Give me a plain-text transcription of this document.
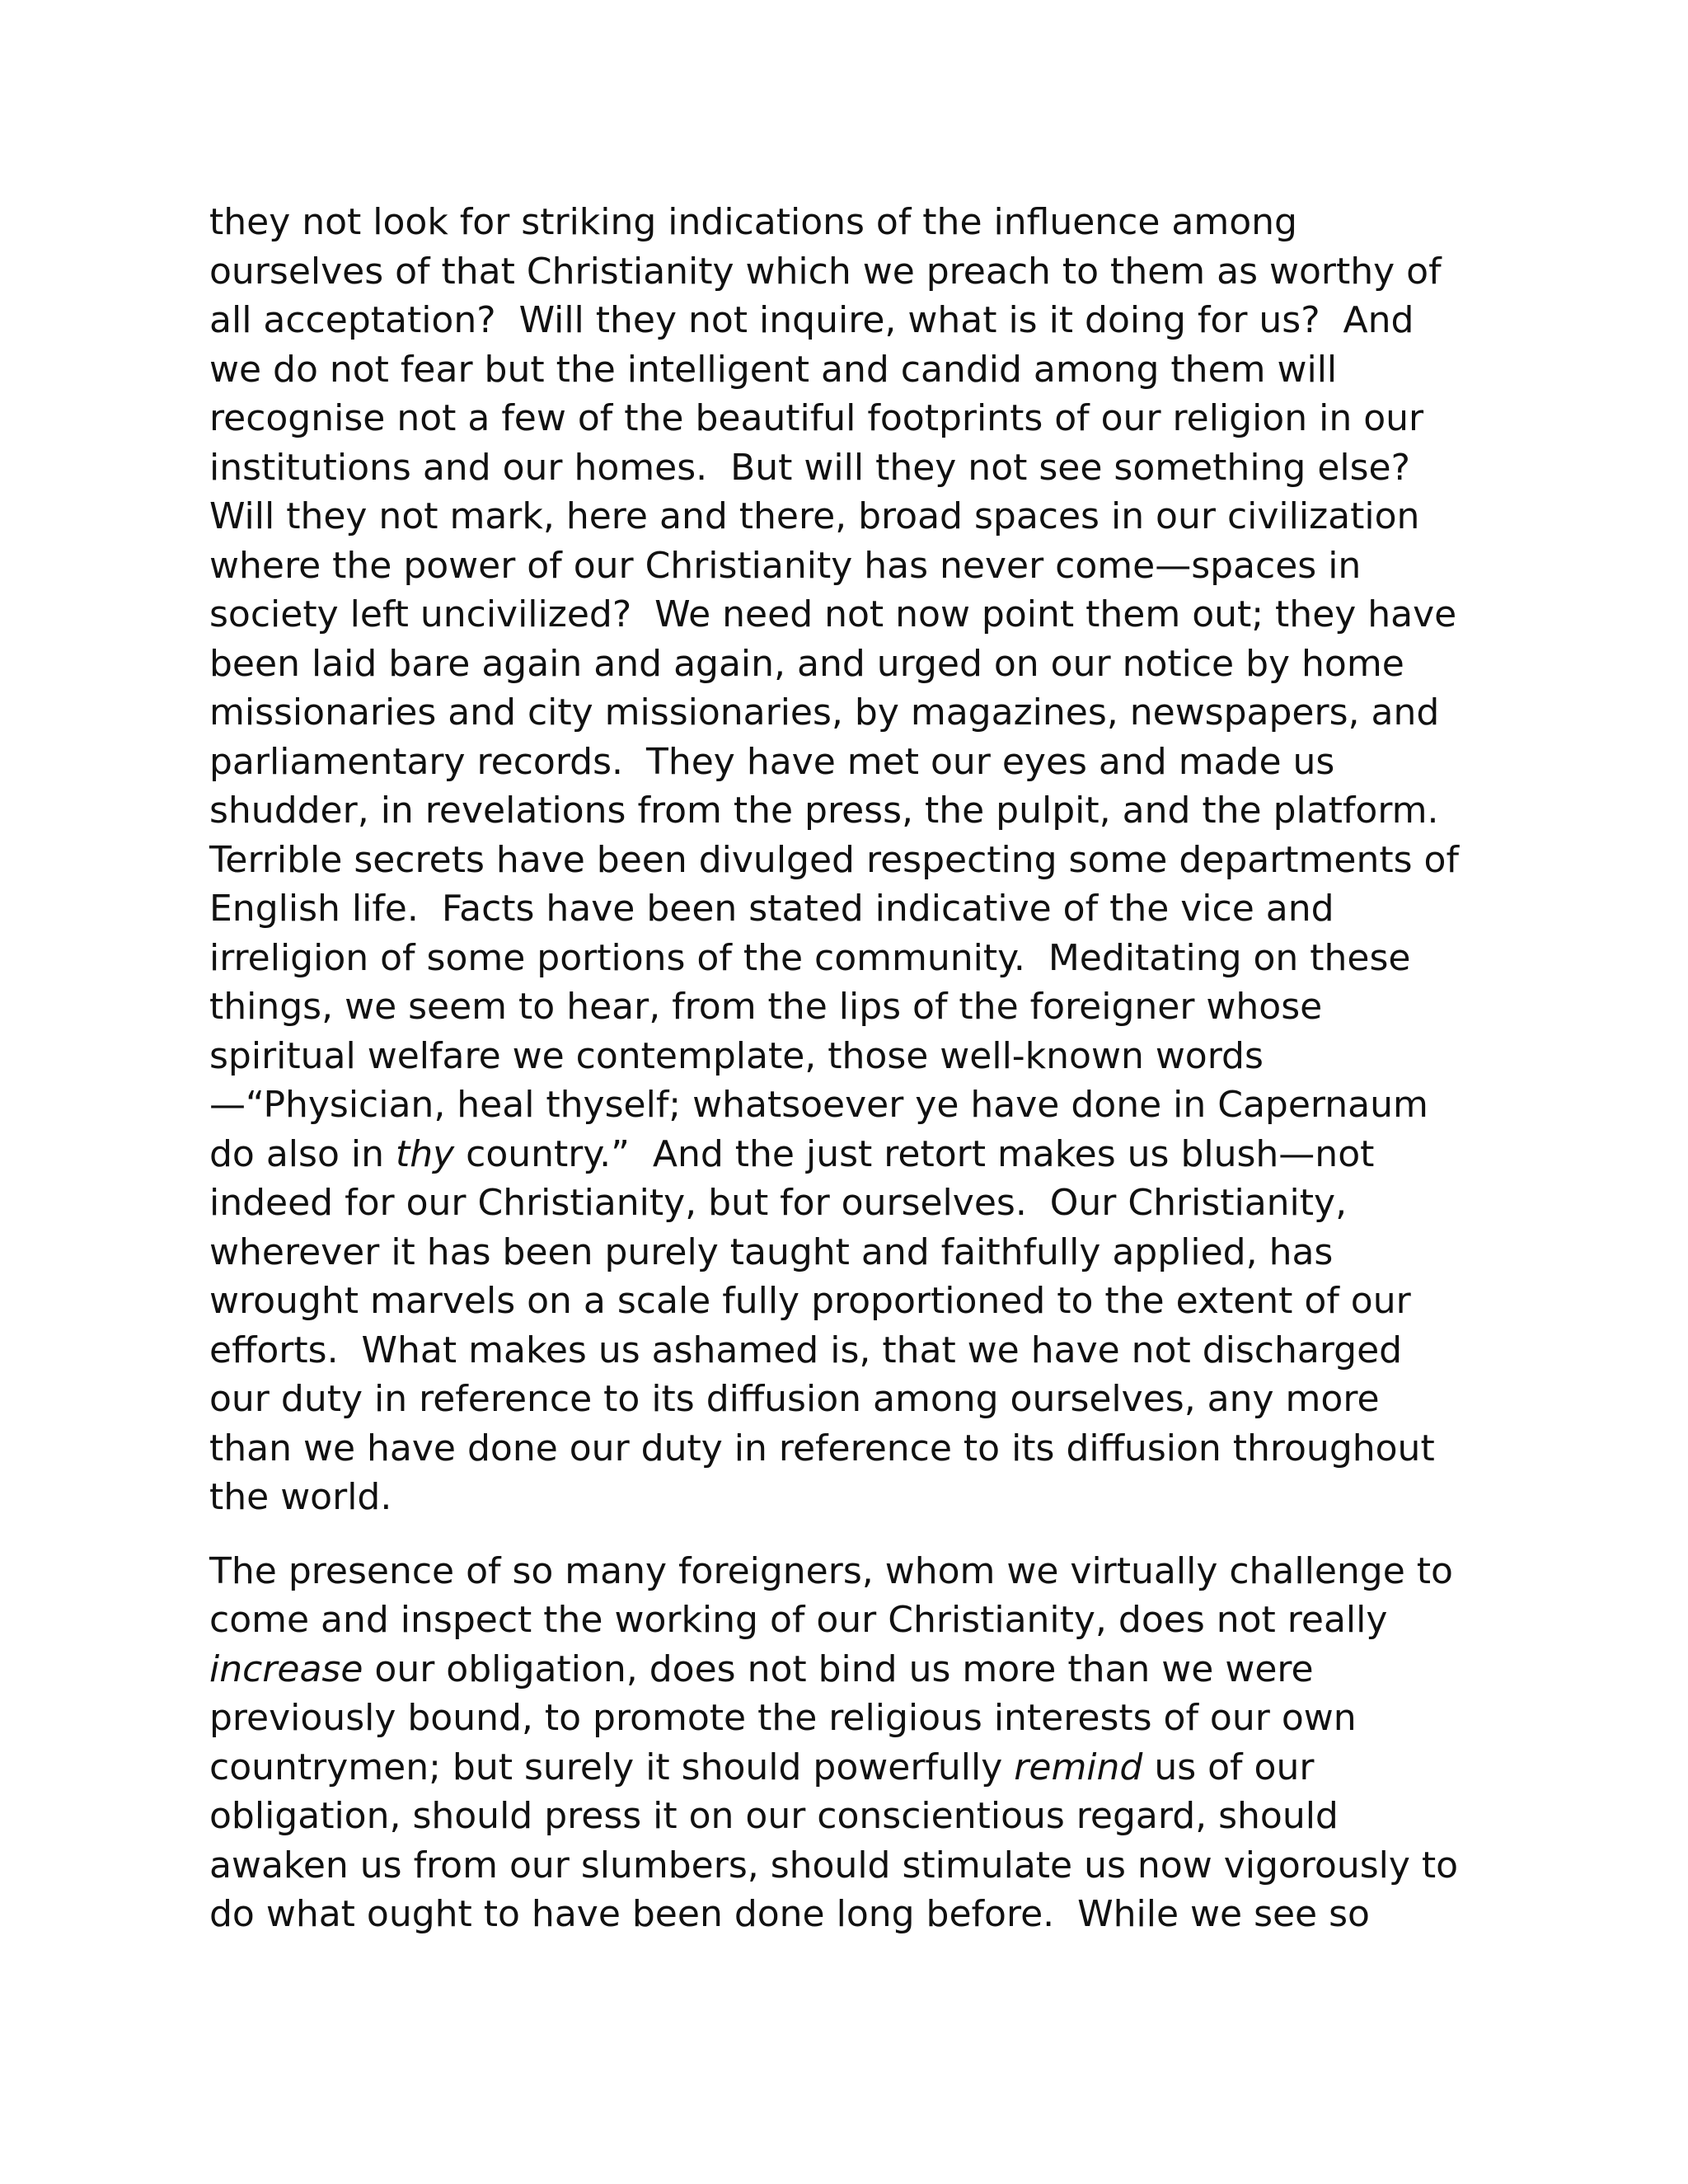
they not look for striking indications of the influence among
ourselves of that Christianity which we preach to them as worthy of
all acceptation?  Will they not inquire, what is it doing for us?  And
we do not fear but the intelligent and candid among them will
recognise not a few of the beautiful footprints of our religion in our
institutions and our homes.  But will they not see something else?
Will they not mark, here and there, broad spaces in our civilization
where the power of our Christianity has never come—spaces in
society left uncivilized?  We need not now point them out; they have
been laid bare again and again, and urged on our notice by home
missionaries and city missionaries, by magazines, newspapers, and
parliamentary records.  They have met our eyes and made us
shudder, in revelations from the press, the pulpit, and the platform.
Terrible secrets have been divulged respecting some departments of
English life.  Facts have been stated indicative of the vice and
irreligion of some portions of the community.  Meditating on these
things, we seem to hear, from the lips of the foreigner whose
spiritual welfare we contemplate, those well-known words
—“Physician, heal thyself; whatsoever ye have done in Capernaum
do also in thy country.”  And the just retort makes us blush—not
indeed for our Christianity, but for ourselves.  Our Christianity,
wherever it has been purely taught and faithfully applied, has
wrought marvels on a scale fully proportioned to the extent of our
efforts.  What makes us ashamed is, that we have not discharged
our duty in reference to its diffusion among ourselves, any more
than we have done our duty in reference to its diffusion throughout
the world.
The presence of so many foreigners, whom we virtually challenge to
come and inspect the working of our Christianity, does not really
increase our obligation, does not bind us more than we were
previously bound, to promote the religious interests of our own
countrymen; but surely it should powerfully remind us of our
obligation, should press it on our conscientious regard, should
awaken us from our slumbers, should stimulate us now vigorously to
do what ought to have been done long before.  While we see so
